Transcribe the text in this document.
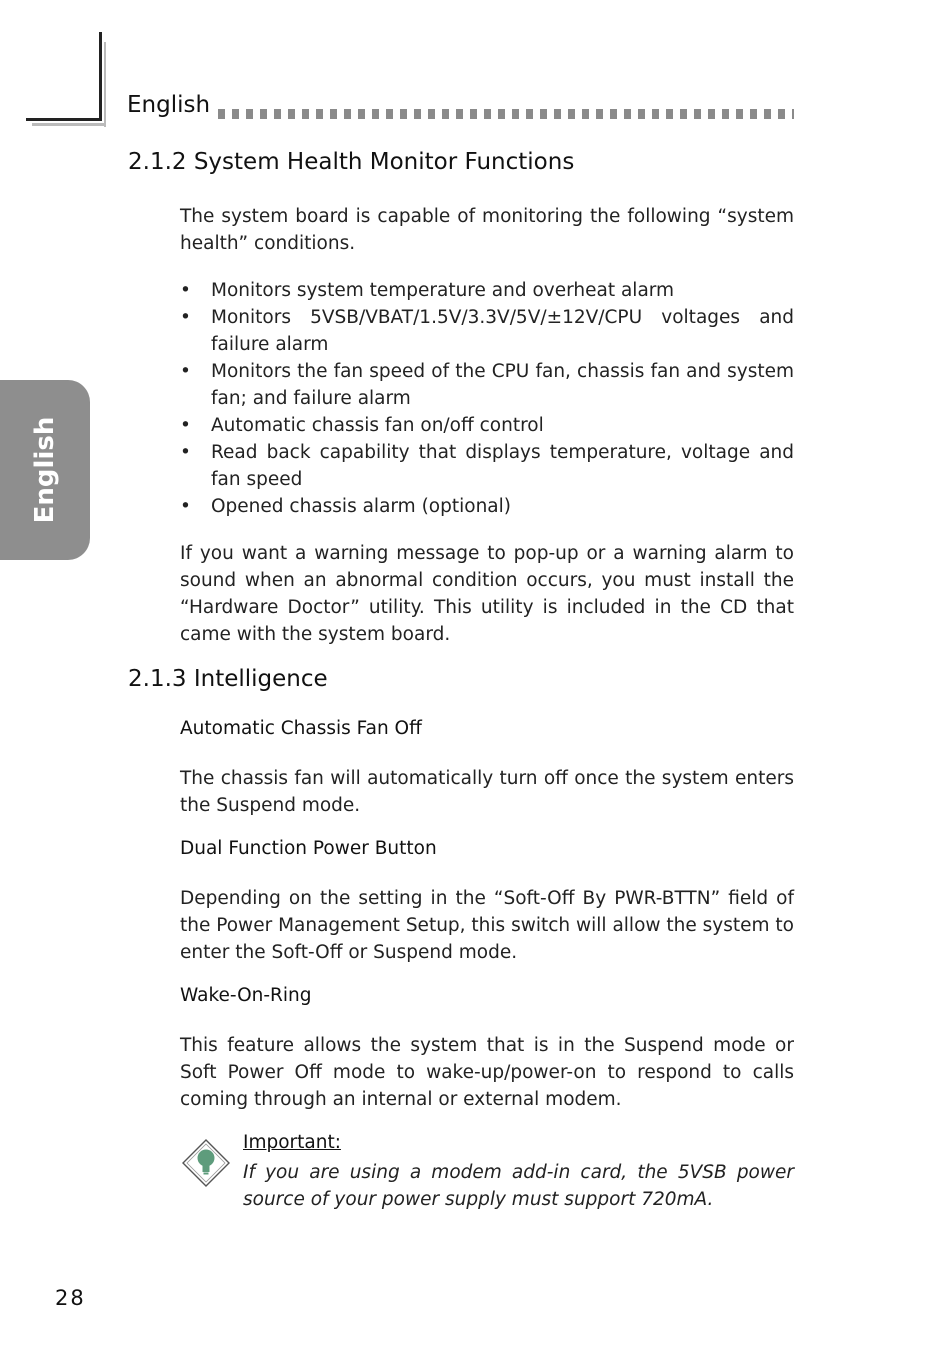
English
English
2.1.2 System Health Monitor Functions

The system board is capable of monitoring the following “system health” conditions.

• Monitors system temperature and overheat alarm
• Monitors 5VSB/VBAT/1.5V/3.3V/5V/±12V/CPU voltages and failure alarm
• Monitors the fan speed of the CPU fan, chassis fan and system fan; and failure alarm
• Automatic chassis fan on/off control
• Read back capability that displays temperature, voltage and fan speed
• Opened chassis alarm (optional)

If you want a warning message to pop-up or a warning alarm to sound when an abnormal condition occurs, you must install the “Hardware Doctor” utility. This utility is included in the CD that came with the system board.

2.1.3 Intelligence

Automatic Chassis Fan Off

The chassis fan will automatically turn off once the system enters the Suspend mode.

Dual Function Power Button

Depending on the setting in the “Soft-Off By PWR-BTTN” field of the Power Management Setup, this switch will allow the system to enter the Soft-Off or Suspend mode.

Wake-On-Ring

This feature allows the system that is in the Suspend mode or Soft Power Off mode to wake-up/power-on to respond to calls coming through an internal or external modem.

Important:

If you are using a modem add-in card, the 5VSB power source of your power supply must support 720mA.

28
